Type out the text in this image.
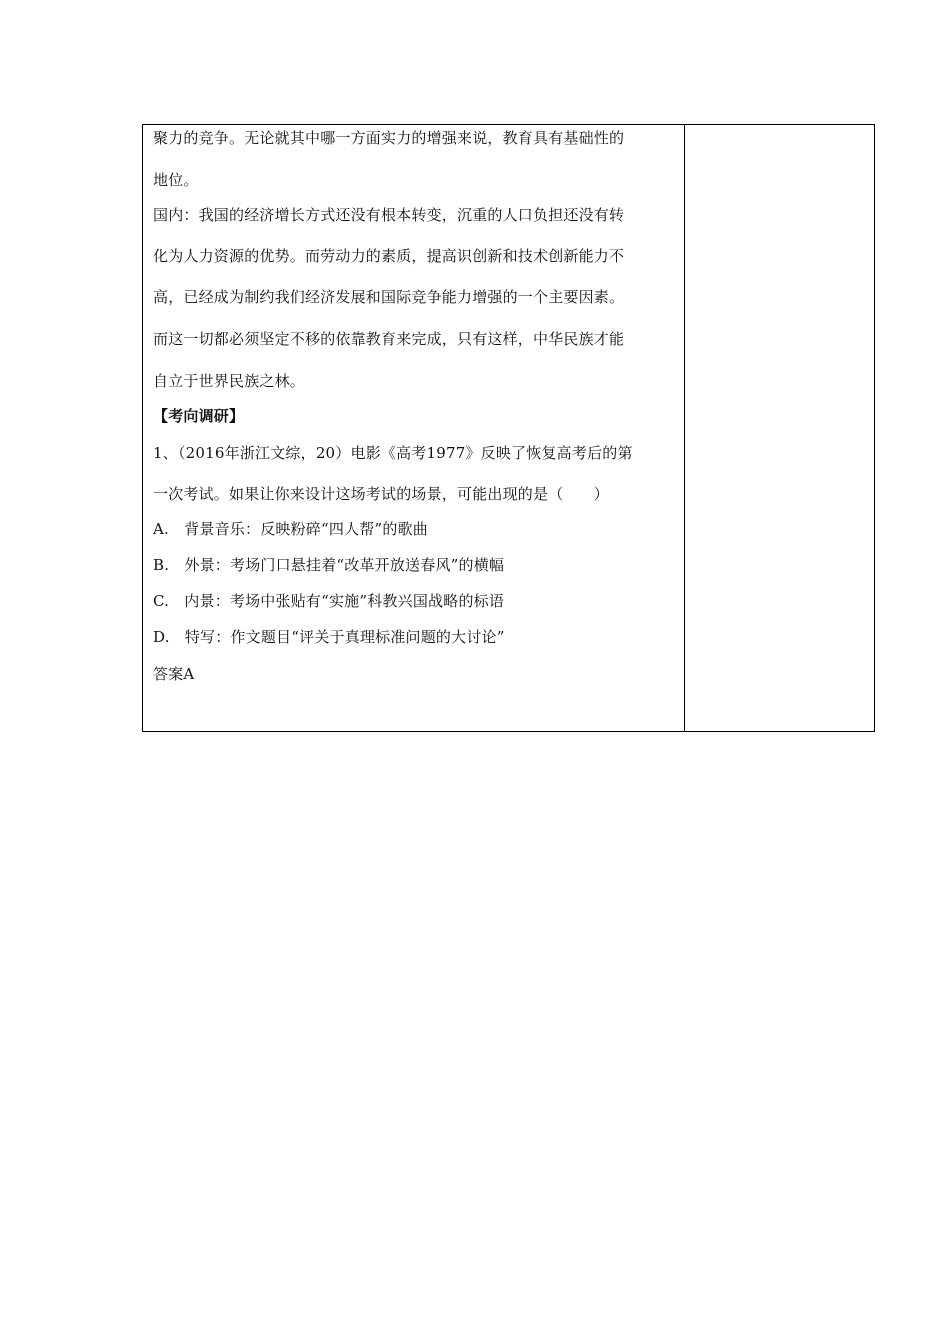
聚力的竞争。无论就其中哪一方面实力的增强来说，教育具有基础性的
地位。
国内：我国的经济增长方式还没有根本转变，沉重的人口负担还没有转
化为人力资源的优势。而劳动力的素质，提高识创新和技术创新能力不
高，已经成为制约我们经济发展和国际竞争能力增强的一个主要因素。
而这一切都必须坚定不移的依靠教育来完成，只有这样，中华民族才能
自立于世界民族之林。
【考向调研】
1、（2016年浙江文综，20）电影《高考1977》反映了恢复高考后的第
一次考试。如果让你来设计这场考试的场景，可能出现的是（　　）
A.　背景音乐：反映粉碎“四人帮”的歌曲
B.　外景：考场门口悬挂着“改革开放送春风”的横幅
C.　内景：考场中张贴有“实施”科教兴国战略的标语
D.　特写：作文题目“评关于真理标准问题的大讨论”
答案A
